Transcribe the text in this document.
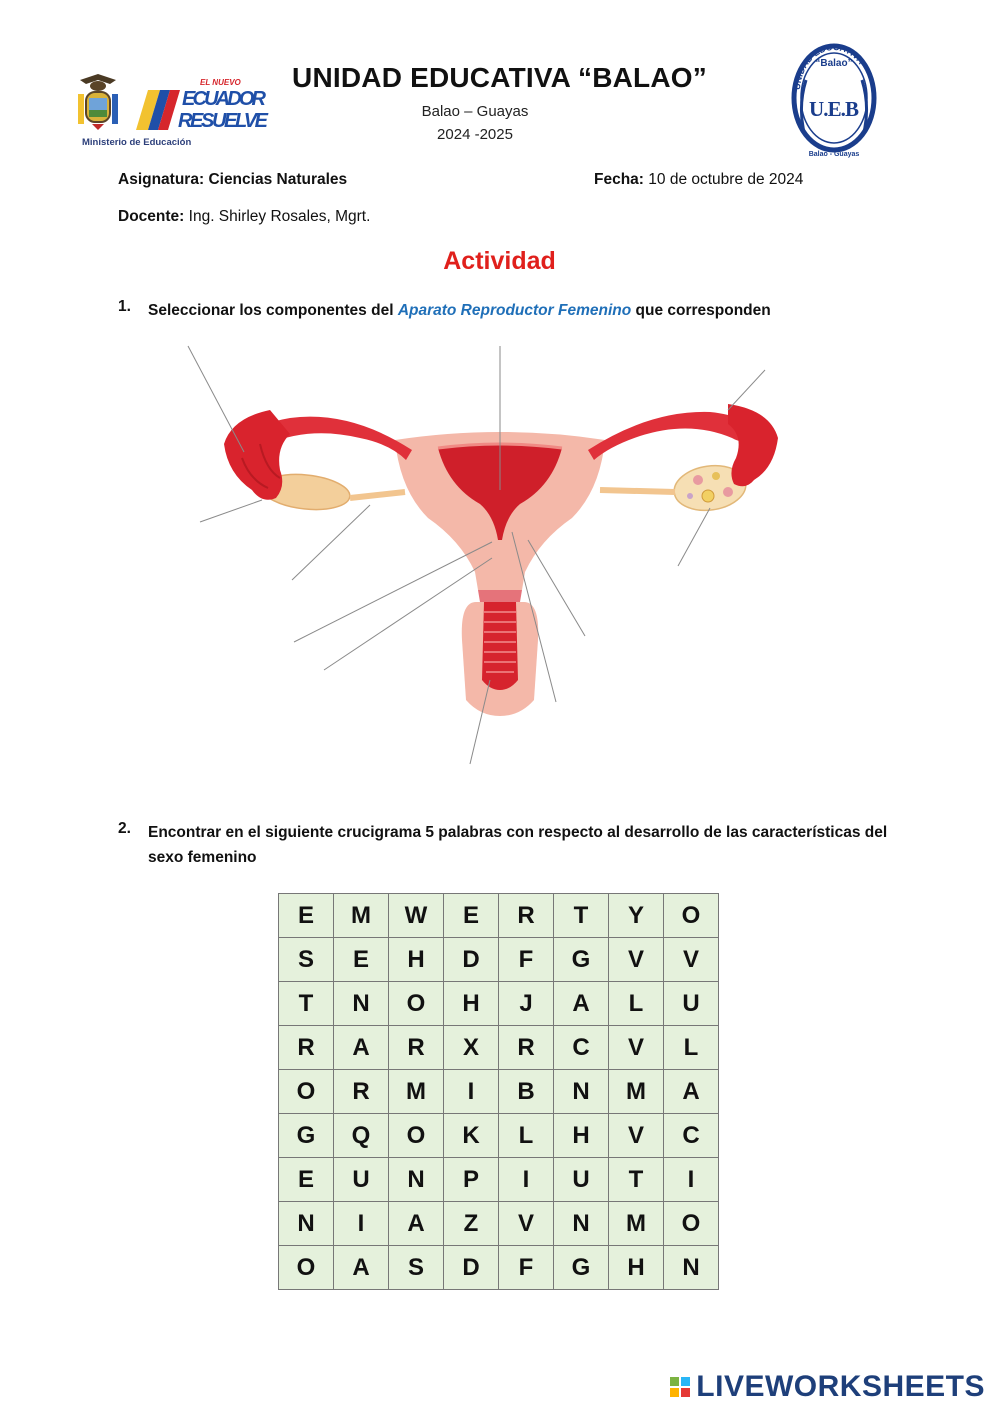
Ministerio de Educación
EL NUEVO
ECUADOR
RESUELVE
UNIDAD EDUCATIVA “BALAO”
Balao – Guayas
2024 -2025
UNIDAD EDUCATIVA
“Balao”
U.E.B
Balao - Guayas
Asignatura: Ciencias Naturales	Fecha: 10 de octubre de 2024
Docente: Ing. Shirley Rosales, Mgrt.
Actividad
1. Seleccionar los componentes del Aparato Reproductor Femenino que corresponden
2. Encontrar en el siguiente crucigrama 5 palabras con respecto al desarrollo de las características del sexo femenino
E	M	W	E	R	T	Y	O
S	E	H	D	F	G	V	V
T	N	O	H	J	A	L	U
R	A	R	X	R	C	V	L
O	R	M	I	B	N	M	A
G	Q	O	K	L	H	V	C
E	U	N	P	I	U	T	I
N	I	A	Z	V	N	M	O
O	A	S	D	F	G	H	N
LIVEWORKSHEETS
